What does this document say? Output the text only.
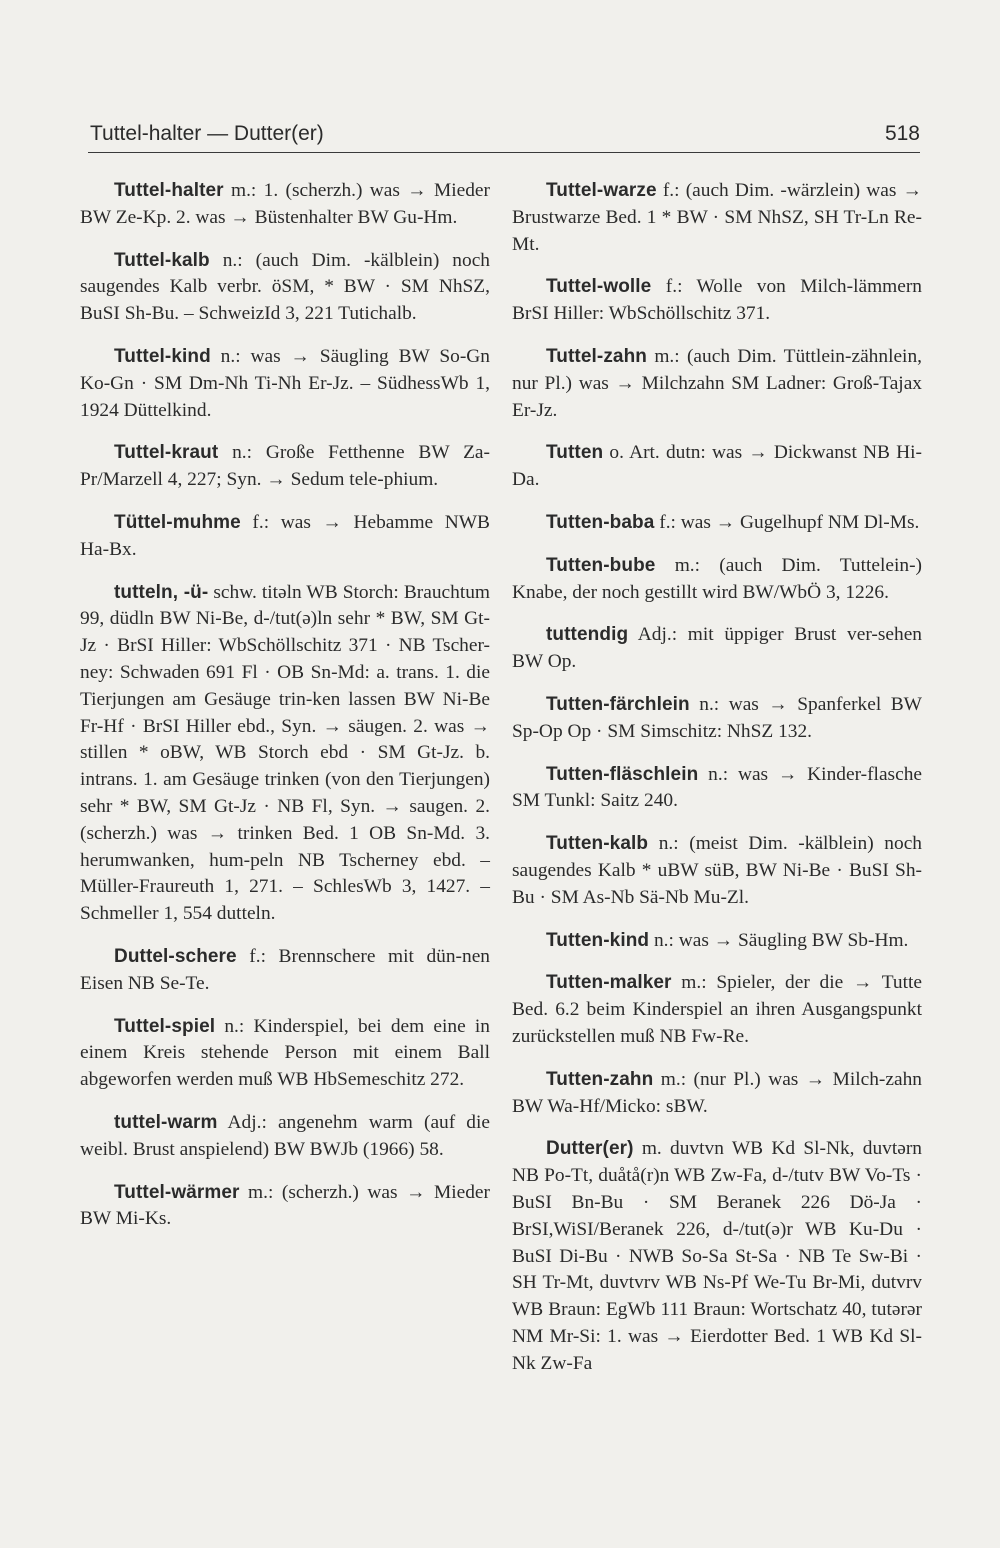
Tuttel-halter — Dutter(er)	518

Tuttel-halter m.: 1. (scherzh.) was → Mieder BW Ze-Kp. 2. was → Büstenhalter BW Gu-Hm.

Tuttel-kalb n.: (auch Dim. -kälblein) noch saugendes Kalb verbr. öSM, * BW · SM NhSZ, BuSI Sh-Bu. – SchweizId 3, 221 Tutichalb.

Tuttel-kind n.: was → Säugling BW So-Gn Ko-Gn · SM Dm-Nh Ti-Nh Er-Jz. – SüdhessWb 1, 1924 Düttelkind.

Tuttel-kraut n.: Große Fetthenne BW Za-Pr/Marzell 4, 227; Syn. → Sedum tele-phium.

Tüttel-muhme f.: was → Hebamme NWB Ha-Bx.

tutteln, -ü- schw. titəln WB Storch: Brauchtum 99, düdln BW Ni-Be, d-/tut(ə)ln sehr * BW, SM Gt-Jz · BrSI Hiller: WbSchöllschitz 371 · NB Tscher-ney: Schwaden 691 Fl · OB Sn-Md: a. trans. 1. die Tierjungen am Gesäuge trin-ken lassen BW Ni-Be Fr-Hf · BrSI Hiller ebd., Syn. → säugen. 2. was → stillen * oBW, WB Storch ebd · SM Gt-Jz. b. intrans. 1. am Gesäuge trinken (von den Tierjungen) sehr * BW, SM Gt-Jz · NB Fl, Syn. → saugen. 2. (scherzh.) was → trinken Bed. 1 OB Sn-Md. 3. herumwanken, hum-peln NB Tscherney ebd. – Müller-Fraureuth 1, 271. – SchlesWb 3, 1427. – Schmeller 1, 554 dutteln.

Duttel-schere f.: Brennschere mit dün-nen Eisen NB Se-Te.

Tuttel-spiel n.: Kinderspiel, bei dem eine in einem Kreis stehende Person mit einem Ball abgeworfen werden muß WB HbSemeschitz 272.

tuttel-warm Adj.: angenehm warm (auf die weibl. Brust anspielend) BW BWJb (1966) 58.

Tuttel-wärmer m.: (scherzh.) was → Mieder BW Mi-Ks.

Tuttel-warze f.: (auch Dim. -wärzlein) was → Brustwarze Bed. 1 * BW · SM NhSZ, SH Tr-Ln Re-Mt.

Tuttel-wolle f.: Wolle von Milch-lämmern BrSI Hiller: WbSchöllschitz 371.

Tuttel-zahn m.: (auch Dim. Tüttlein-zähnlein, nur Pl.) was → Milchzahn SM Ladner: Groß-Tajax Er-Jz.

Tutten o. Art. dutn: was → Dickwanst NB Hi-Da.

Tutten-baba f.: was → Gugelhupf NM Dl-Ms.

Tutten-bube m.: (auch Dim. Tuttelein-) Knabe, der noch gestillt wird BW/WbÖ 3, 1226.

tuttendig Adj.: mit üppiger Brust ver-sehen BW Op.

Tutten-färchlein n.: was → Spanferkel BW Sp-Op Op · SM Simschitz: NhSZ 132.

Tutten-fläschlein n.: was → Kinder-flasche SM Tunkl: Saitz 240.

Tutten-kalb n.: (meist Dim. -kälblein) noch saugendes Kalb * uBW süB, BW Ni-Be · BuSI Sh-Bu · SM As-Nb Sä-Nb Mu-Zl.

Tutten-kind n.: was → Säugling BW Sb-Hm.

Tutten-malker m.: Spieler, der die → Tutte Bed. 6.2 beim Kinderspiel an ihren Ausgangspunkt zurückstellen muß NB Fw-Re.

Tutten-zahn m.: (nur Pl.) was → Milch-zahn BW Wa-Hf/Micko: sBW.

Dutter(er) m. duvtvn WB Kd Sl-Nk, duvtərn NB Po-Tt, duåtå(r)n WB Zw-Fa, d-/tutv BW Vo-Ts · BuSI Bn-Bu · SM Beranek 226 Dö-Ja · BrSI,WiSI/Beranek 226, d-/tut(ə)r WB Ku-Du · BuSI Di-Bu · NWB So-Sa St-Sa · NB Te Sw-Bi · SH Tr-Mt, duvtvrv WB Ns-Pf We-Tu Br-Mi, dutvrv WB Braun: EgWb 111 Braun: Wortschatz 40, tutərər NM Mr-Si: 1. was → Eierdotter Bed. 1 WB Kd Sl-Nk Zw-Fa
